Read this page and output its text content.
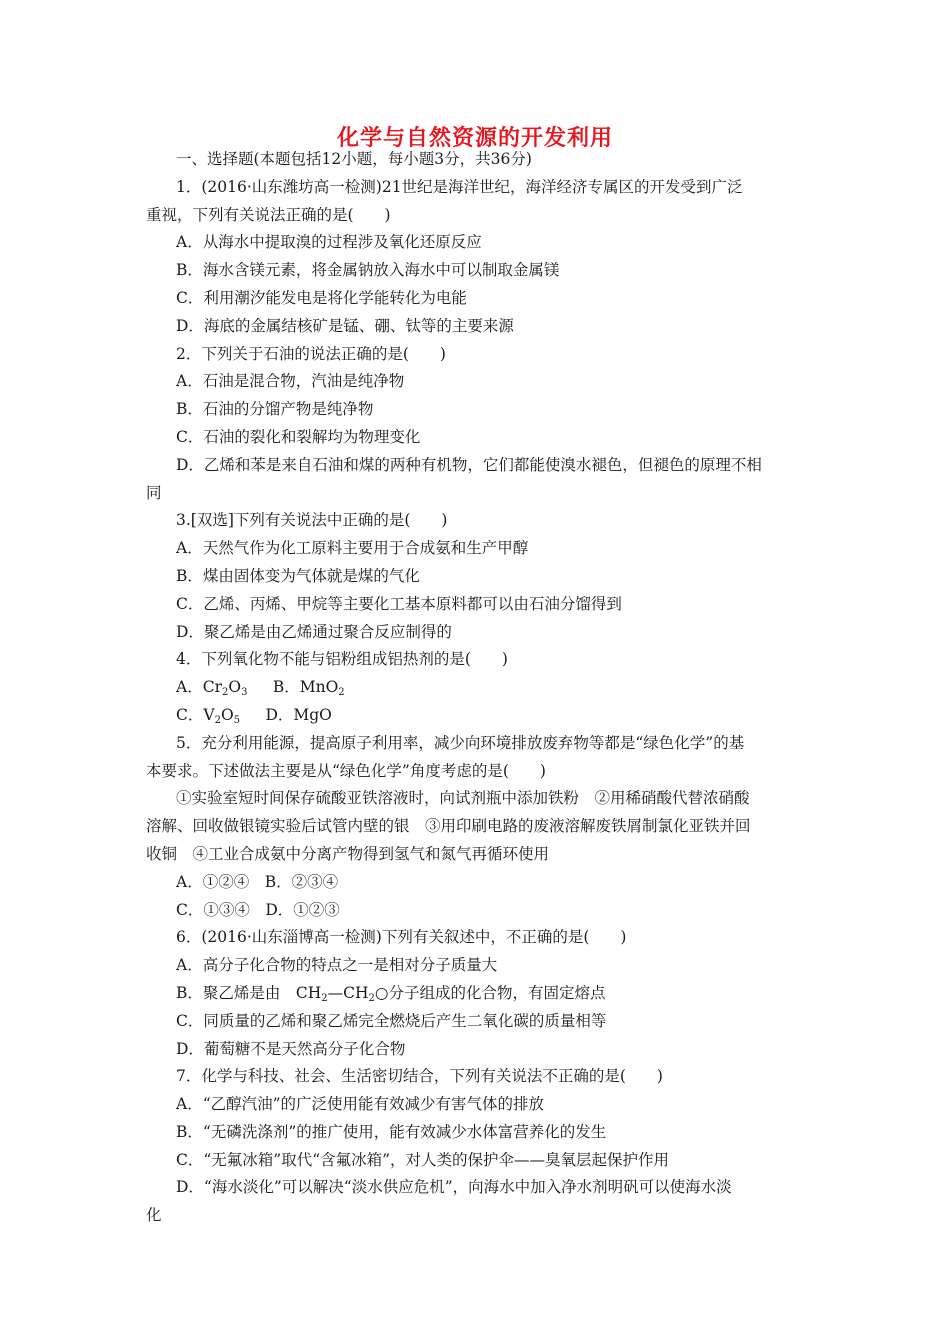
化学与自然资源的开发利用
一、选择题(本题包括12小题，每小题3分，共36分)
1．(2016·山东潍坊高一检测)21世纪是海洋世纪，海洋经济专属区的开发受到广泛
重视，下列有关说法正确的是(　　)
A．从海水中提取溴的过程涉及氧化还原反应
B．海水含镁元素，将金属钠放入海水中可以制取金属镁
C．利用潮汐能发电是将化学能转化为电能
D．海底的金属结核矿是锰、硼、钛等的主要来源
2．下列关于石油的说法正确的是(　　)
A．石油是混合物，汽油是纯净物
B．石油的分馏产物是纯净物
C．石油的裂化和裂解均为物理变化
D．乙烯和苯是来自石油和煤的两种有机物，它们都能使溴水褪色，但褪色的原理不相
同
3.[双选]下列有关说法中正确的是(　　)
A．天然气作为化工原料主要用于合成氨和生产甲醇
B．煤由固体变为气体就是煤的气化
C．乙烯、丙烯、甲烷等主要化工基本原料都可以由石油分馏得到
D．聚乙烯是由乙烯通过聚合反应制得的
4．下列氧化物不能与铝粉组成铝热剂的是(　　)
A．$Cr_2O_3$ 　 B．MnO$_2$
C．$V_2O_5$ 　 D．MgO
5．充分利用能源，提高原子利用率，减少向环境排放废弃物等都是“绿色化学”的基
本要求。下述做法主要是从“绿色化学”角度考虑的是(　　)
①实验室短时间保存硫酸亚铁溶液时，向试剂瓶中添加铁粉　②用稀硝酸代替浓硝酸
溶解、回收做银镜实验后试管内壁的银　③用印刷电路的废液溶解废铁屑制氯化亚铁并回
收铜　④工业合成氨中分离产物得到氢气和氮气再循环使用
A．①②④　B．②③④
C．①③④　D．①②③
6．(2016·山东淄博高一检测)下列有关叙述中，不正确的是(　　)
A．高分子化合物的特点之一是相对分子质量大
B．聚乙烯是由　$CH_2—CH_2○$分子组成的化合物，有固定熔点
C．同质量的乙烯和聚乙烯完全燃烧后产生二氧化碳的质量相等
D．葡萄糖不是天然高分子化合物
7．化学与科技、社会、生活密切结合，下列有关说法不正确的是(　　)
A．“乙醇汽油”的广泛使用能有效减少有害气体的排放
B．“无磷洗涤剂”的推广使用，能有效减少水体富营养化的发生
C．“无氟冰箱”取代“含氟冰箱”，对人类的保护伞——臭氧层起保护作用
D．“海水淡化”可以解决“淡水供应危机”，向海水中加入净水剂明矾可以使海水淡
化
